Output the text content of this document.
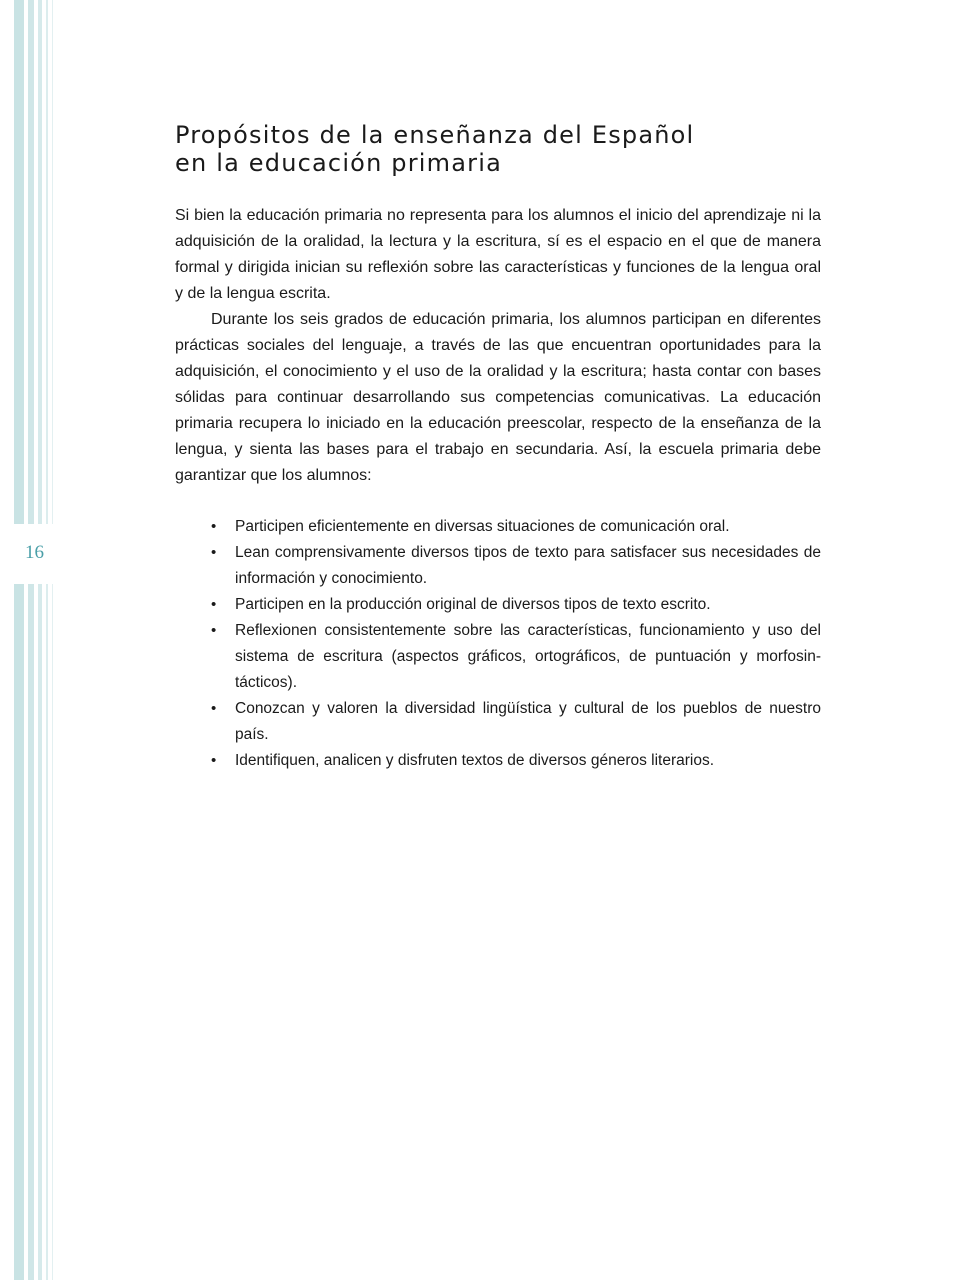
16

Propósitos de la enseñanza del Español
en la educación primaria

Si bien la educación primaria no representa para los alumnos el inicio del aprendizaje ni la adquisición de la oralidad, la lectura y la escritura, sí es el espacio en el que de manera formal y dirigida inician su reflexión sobre las características y funciones de la lengua oral y de la lengua escrita.

Durante los seis grados de educación primaria, los alumnos participan en diferentes prácticas sociales del lenguaje, a través de las que encuentran oportunidades para la adquisición, el conocimiento y el uso de la oralidad y la escritura; hasta contar con bases sólidas para continuar desarrollando sus competencias comunicativas. La educación primaria recupera lo iniciado en la educación preescolar, respecto de la enseñanza de la lengua, y sienta las bases para el trabajo en secundaria. Así, la escuela primaria debe garantizar que los alumnos:

• Participen eficientemente en diversas situaciones de comunicación oral.
• Lean comprensivamente diversos tipos de texto para satisfacer sus necesidades de información y conocimiento.
• Participen en la producción original de diversos tipos de texto escrito.
• Reflexionen consistentemente sobre las características, funcionamiento y uso del sistema de escritura (aspectos gráficos, ortográficos, de puntuación y morfosintácticos).
• Conozcan y valoren la diversidad lingüística y cultural de los pueblos de nuestro país.
• Identifiquen, analicen y disfruten textos de diversos géneros literarios.
